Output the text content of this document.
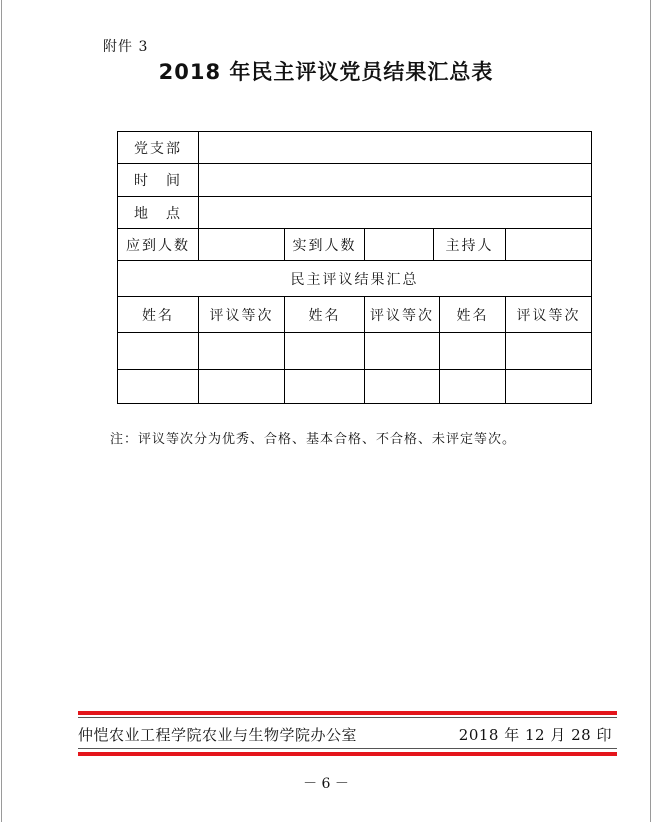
附件 3
2018 年民主评议党员结果汇总表
党支部
时　间
地　点
应到人数	实到人数	主持人
民主评议结果汇总
姓名	评议等次	姓名	评议等次	姓名	评议等次
注：评议等次分为优秀、合格、基本合格、不合格、未评定等次。
仲恺农业工程学院农业与生物学院办公室	2018 年 12 月 28 印
－ 6 －
